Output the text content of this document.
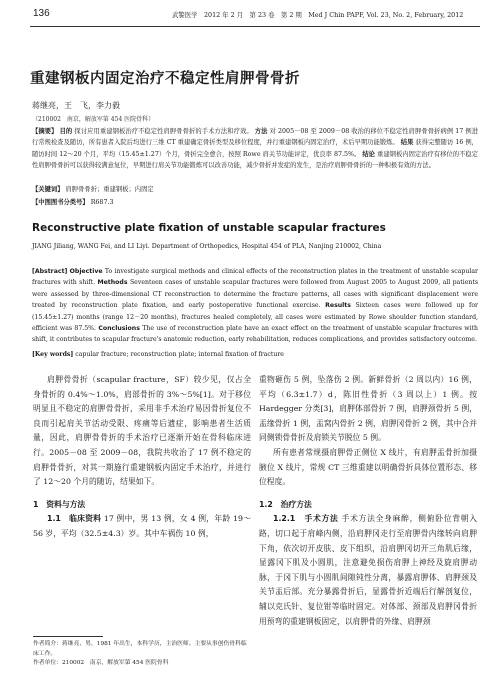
136	武警医学　2012 年 2 月　第 23 卷　第 2 期　Med J Chin PAPF, Vol. 23, No. 2, February, 2012
重建钢板内固定治疗不稳定性肩胛骨骨折
蒋继亮，王　飞，李力毅
（210002　南京，解放军第 454 医院骨科）
【摘要】 目的 探讨应用重建钢板治疗不稳定性肩胛骨骨折的手术方法和疗效。 方法 对 2005－08 至 2009－08 收治的移位不稳定性肩胛骨骨折病例 17 例进行常规检查及随访，所有患者入院后均进行三维 CT 重建确定骨折类型及移位程度，并行重建钢板内固定治疗，术后早期功能锻炼。 结果 获得完整随访 16 例，随访时间 12～20 个月，平均（15.45±1.27）个月，骨折完全愈合，按照 Rowe 肩关节功能评定，优良率 87.5%。 结论 重建钢板内固定治疗有移位的不稳定性肩胛骨骨折可以获得较满意复位，早期进行肩关节功能锻炼可以改善功能，减少骨折并发症的发生，是治疗肩胛骨骨折的一种积极有效的方法。
【关键词】 肩胛骨骨折；重建钢板；内固定
【中图图书分类号】 R687.3
Reconstructive plate fixation of unstable scapular fractures
JIANG Jiliang, WANG Fei, and LI Liyi. Department of Orthopedics, Hospital 454 of PLA, Nanjing 210002, China
[Abstract] Objective To investigate surgical methods and clinical effects of the reconstruction plates in the treatment of unstable scapular fractures with shift. Methods Seventeen cases of unstable scapular fractures were followed from August 2005 to August 2009, all patients were assessed by three-dimensional CT reconstruction to determine the fracture patterns, all cases with significant displacement were treated by reconstruction plate fixation, and early postoperative functional exercise. Results Sixteen cases were followed up for (15.45±1.27) months (range 12－20 months), fractures healed completely, all cases were estimated by Rowe shoulder function standard, efficient was 87.5%. Conclusions The use of reconstruction plate have an exact effect on the treatment of unstable scapular fractures with shift, it contributes to scapular fracture's anatomic reduction, early rehabilitation, reduces complications, and provides satisfactory outcome.
[Key words] capular fracture; reconstruction plate; internal fixation of fracture

肩胛骨骨折（scapular fracture，SF）较少见，仅占全身骨折的 0.4%～1.0%，肩部骨折的 3%～5%[1]。对于移位明显且不稳定的肩胛骨骨折，采用非手术治疗易因骨折复位不良而引起肩关节活动受限、疼痛等后遗症，影响患者生活质量，因此，肩胛骨骨折的手术治疗已逐渐开始在骨科临床进行。2005－08 至 2009－08，我院共收治了 17 例不稳定的肩胛骨骨折，对其一期施行重建钢板内固定手术治疗，并进行了 12～20 个月的随访，结果如下。

1　资料与方法

1.1　临床资料 17 例中，男 13 例，女 4 例，年龄 19～56 岁，平均（32.5±4.3）岁。其中车祸伤 10 例，

作者简介：蒋继亮，男，1981 年出生，本科学历，主治医师。主要从事创伤骨科临床工作。
作者单位：210002　南京，解放军第 454 医院骨科

重物砸伤 5 例，坠落伤 2 例。新鲜骨折（2 周以内）16 例，平均（6.3±1.7）d，陈旧性骨折（3 周以上）1 例。按 Hardegger 分类[3]，肩胛体部骨折 7 例，肩胛颈骨折 5 例，盂缘骨折 1 例，盂窝内骨折 2 例，肩胛冈骨折 2 例，其中合并同侧锁骨骨折及肩锁关节脱位 5 例。

所有患者常规摄肩胛骨正侧位 X 线片，有肩胛盂骨折加摄腋位 X 线片，常规 CT 三维重建以明确骨折具体位置形态、移位程度。

1.2　治疗方法

1.2.1　手术方法 手术方法全身麻醉，侧俯卧位背朝入路，切口起于肩峰内侧，沿肩胛冈走行至肩胛骨内缘转向肩胛下角，依次切开皮肤、皮下组织，沿肩胛冈切开三角肌后缘，显露冈下肌及小圆肌，注意避免损伤肩胛上神经及旋肩胛动脉，于冈下肌与小圆肌间隙钝性分离，暴露肩胛体、肩胛颈及关节盂后部。充分暴露骨折后，显露骨折近端后行解剖复位，辅以克氏针、复位钳等临时固定。对体部、颈部及肩胛冈骨折用预弯的重建钢板固定，以肩胛骨的外缘、肩胛颈
